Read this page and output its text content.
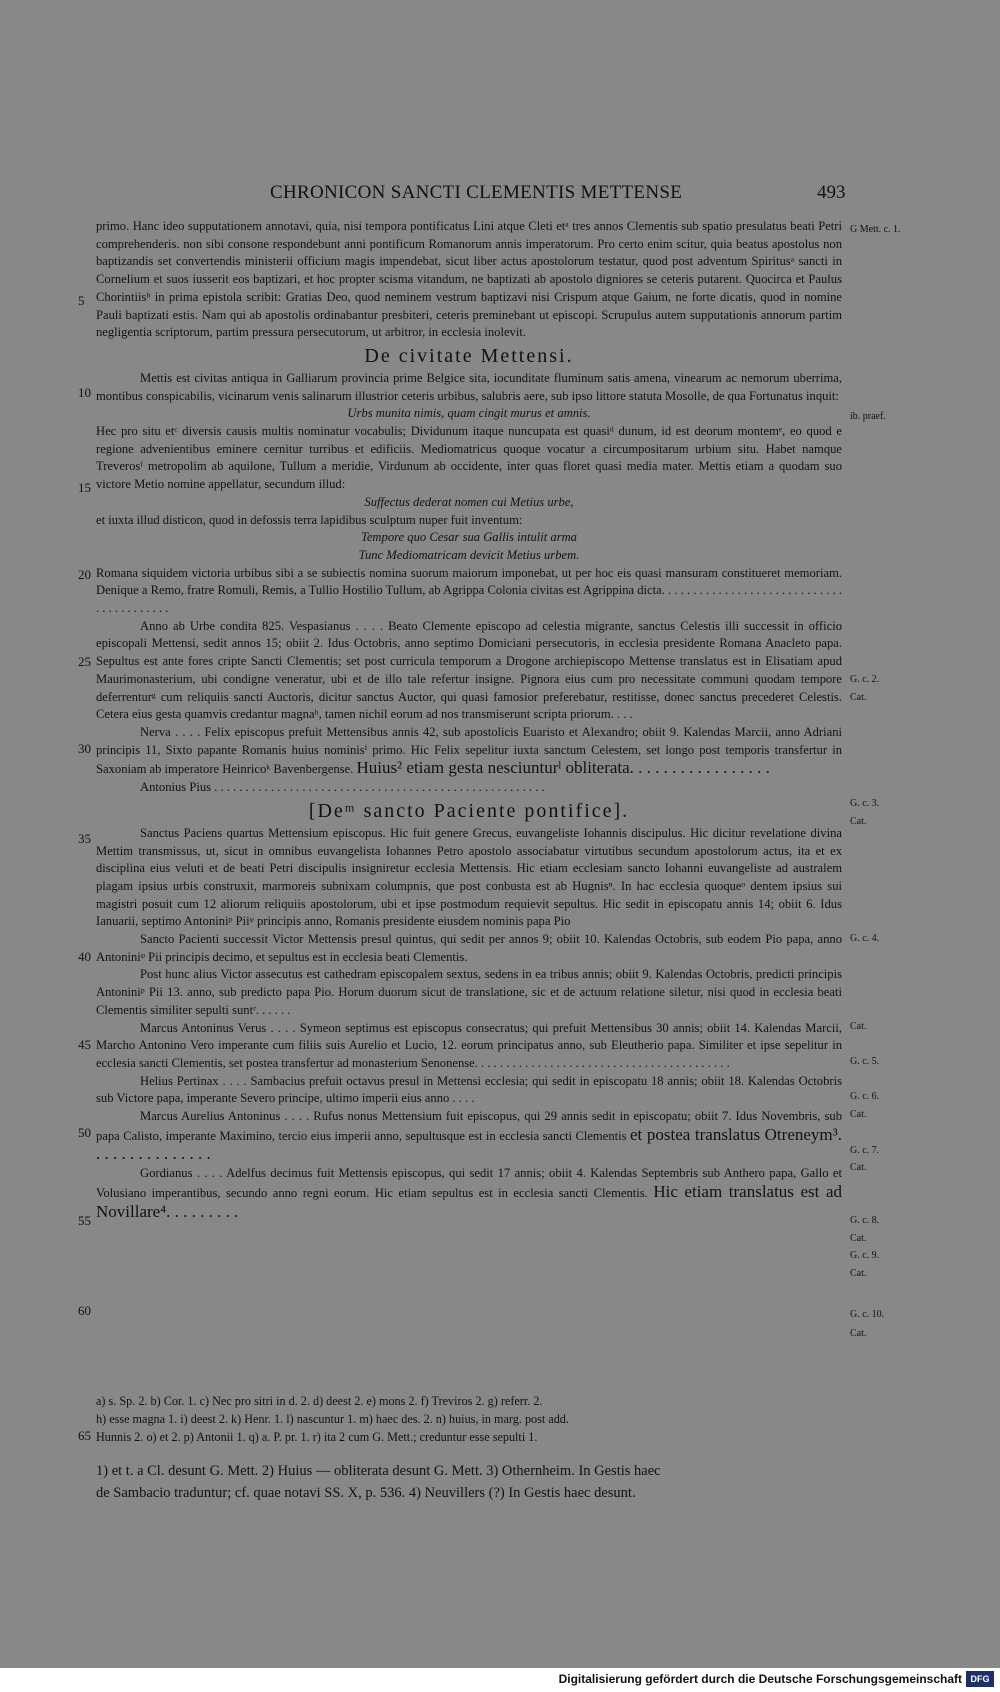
CHRONICON SANCTI CLEMENTIS METTENSE	493

primo. Hanc ideo supputationem annotavi, quia, nisi tempora pontificatus Lini atque Cleti etᵃ tres annos Clementis sub spatio presulatus beati Petri comprehenderis. non sibi consone respondebunt anni pontificum Romanorum annis imperatorum. Pro certo enim scitur, quia beatus apostolus non baptizandis set convertendis ministerii officium magis impendebat, sicut liber actus apostolorum testatur, quod post adventum Spiritusᵃ sancti in Cornelium et suos iusserit eos baptizari, et hoc propter scisma vitandum, ne baptizati ab apostolo digniores se ceteris putarent. Quocirca et Paulus Chorintiisᵇ in prima epistola scribit: Gratias Deo, quod neminem vestrum baptizavi nisi Crispum atque Gaium, ne forte dicatis, quod in nomine Pauli baptizati estis. Nam qui ab apostolis ordinabantur presbiteri, ceteris preminebant ut episcopi. Scrupulus autem supputationis annorum partim negligentia scriptorum, partim pressura persecutorum, ut arbitror, in ecclesia inolevit.

De civitate Mettensi.

Mettis est civitas antiqua in Galliarum provincia prime Belgice sita, iocunditate fluminum satis amena, vinearum ac nemorum uberrima, montibus conspicabilis, vicinarum venis salinarum illustrior ceteris urbibus, salubris aere, sub ipso littore statuta Mosolle, de qua Fortunatus inquit:

Urbs munita nimis, quam cingit murus et amnis.

Hec pro situ etᶜ diversis causis multis nominatur vocabulis; Dividunum itaque nuncupata est quasiᵈ dunum, id est deorum montemᵉ, eo quod e regione advenientibus eminere cernitur turribus et edificiis. Mediomatricus quoque vocatur a circumpositarum urbium situ. Habet namque Treverosᶠ metropolim ab aquilone, Tullum a meridie, Virdunum ab occidente, inter quas floret quasi media mater. Mettis etiam a quodam suo victore Metio nomine appellatur, secundum illud:

Suffectus dederat nomen cui Metius urbe,

et iuxta illud disticon, quod in defossis terra lapidibus sculptum nuper fuit inventum:

Tempore quo Cesar sua Gallis intulit arma

Tunc Mediomatricam devicit Metius urbem.

Romana siquidem victoria urbibus sibi a se subiectis nomina suorum maiorum imponebat, ut per hoc eis quasi mansuram constitueret memoriam. Denique a Remo, fratre Romuli, Remis, a Tullio Hostilio Tullum, ab Agrippa Colonia civitas est Agrippina dicta. . . . . . . . . . . . . . . . . . . . . . . . . . . . . . . . . . . . . . . . .

Anno ab Urbe condita 825. Vespasianus . . . . Beato Clemente episcopo ad celestia migrante, sanctus Celestis illi successit in officio episcopali Mettensi, sedit annos 15; obiit 2. Idus Octobris, anno septimo Domiciani persecutoris, in ecclesia presidente Romana Anacleto papa. Sepultus est ante fores cripte Sancti Clementis; set post curricula temporum a Drogone archiepiscopo Mettense translatus est in Elisatiam apud Maurimonasterium, ubi condigne veneratur, ubi et de illo tale refertur insigne. Pignora eius cum pro necessitate communi quodam tempore deferrenturᵍ cum reliquiis sancti Auctoris, dicitur sanctus Auctor, qui quasi famosior preferebatur, restitisse, donec sanctus precederet Celestis. Cetera eius gesta quamvis credantur magnaʰ, tamen nichil eorum ad nos transmiserunt scripta priorum. . . .

Nerva . . . . Felix episcopus prefuit Mettensibus annis 42, sub apostolicis Euaristo et Alexandro; obiit 9. Kalendas Marcii, anno Adriani principis 11, Sixto papante Romanis huius nominisⁱ primo. Hic Felix sepelitur iuxta sanctum Celestem, set longo post temporis transfertur in Saxoniam ab imperatore Heinricoᵏ Bavenbergense. Huius² etiam gesta nesciunturˡ obliterata. . . . . . . . . . . . . . . . .

Antonius Pius . . . . . . . . . . . . . . . . . . . . . . . . . . . . . . . . . . . . . . . . . . . . . . . . . . . . .

[Deᵐ sancto Paciente pontifice].

Sanctus Paciens quartus Mettensium episcopus. Hic fuit genere Grecus, euvangeliste Iohannis discipulus. Hic dicitur revelatione divina Mettim transmissus, ut, sicut in omnibus euvangelista Iohannes Petro apostolo associabatur virtutibus secundum apostolorum actus, ita et ex disciplina eius veluti et de beati Petri discipulis insigniretur ecclesia Mettensis. Hic etiam ecclesiam sancto Iohanni euvangeliste ad australem plagam ipsius urbis construxit, marmoreis subnixam columpnis, que post conbusta est ab Hugnisⁿ. In hac ecclesia quoqueᵒ dentem ipsius sui magistri posuit cum 12 aliorum reliquiis apostolorum, ubi et ipse postmodum requievit sepultus. Hic sedit in episcopatu annis 14; obiit 6. Idus Ianuarii, septimo Antoniniᵖ Piiᵠ principis anno, Romanis presidente eiusdem nominis papa Pio

Sancto Pacienti successit Victor Mettensis presul quintus, qui sedit per annos 9; obiit 10. Kalendas Octobris, sub eodem Pio papa, anno Antoniniᵠ Pii principis decimo, et sepultus est in ecclesia beati Clementis.

Post hunc alius Victor assecutus est cathedram episcopalem sextus, sedens in ea tribus annis; obiit 9. Kalendas Octobris, predicti principis Antoniniᵖ Pii 13. anno, sub predicto papa Pio. Horum duorum sicut de translatione, sic et de actuum relatione siletur, nisi quod in ecclesia beati Clementis similiter sepulti suntʳ. . . . . .

Marcus Antoninus Verus . . . . Symeon septimus est episcopus consecratus; qui prefuit Mettensibus 30 annis; obiit 14. Kalendas Marcii, Marcho Antonino Vero imperante cum filiis suis Aurelio et Lucio, 12. eorum principatus anno, sub Eleutherio papa. Similiter et ipse sepelitur in ecclesia sancti Clementis, set postea transfertur ad monasterium Senonense. . . . . . . . . . . . . . . . . . . . . . . . . . . . . . . . . . . . . . . . .

Helius Pertinax . . . . Sambacius prefuit octavus presul in Mettensi ecclesia; qui sedit in episcopatu 18 annis; obiit 18. Kalendas Octobris sub Victore papa, imperante Severo principe, ultimo imperii eius anno . . . .

Marcus Aurelius Antoninus . . . . Rufus nonus Mettensium fuit episcopus, qui 29 annis sedit in episcopatu; obiit 7. Idus Novembris, sub papa Calisto, imperante Maximino, tercio eius imperii anno, sepultusque est in ecclesia sancti Clementis et postea translatus Otreneym³. . . . . . . . . . . . . . .

Gordianus . . . . Adelfus decimus fuit Mettensis episcopus, qui sedit 17 annis; obiit 4. Kalendas Septembris sub Anthero papa, Gallo et Volusiano imperantibus, secundo anno regni eorum. Hic etiam sepultus est in ecclesia sancti Clementis. Hic etiam translatus est ad Novillare⁴. . . . . . . . .

5
10
15
20
25
30
35
40
45
50
55
60
65
G Mett. c. 1.
ib. praef.
G. c. 2.
Cat.
G. c. 3.
Cat.
G. c. 4.
Cat.
G. c. 5.
G. c. 6.
Cat.
G. c. 7.
Cat.
G. c. 8.
Cat.
G. c. 9.
Cat.
G. c. 10.
Cat.
a) s. Sp. 2. b) Cor. 1. c) Nec pro sitri in d. 2. d) deest 2. e) mons 2. f) Treviros 2. g) referr. 2.
h) esse magna 1. i) deest 2. k) Henr. 1. l) nascuntur 1. m) haec des. 2. n) huius, in marg. post add.
Hunnis 2. o) et 2. p) Antonii 1. q) a. P. pr. 1. r) ita 2 cum G. Mett.; creduntur esse sepulti 1.
1) et t. a Cl. desunt G. Mett. 2) Huius — obliterata desunt G. Mett. 3) Othernheim. In Gestis haec
de Sambacio traduntur; cf. quae notavi SS. X, p. 536. 4) Neuvillers (?) In Gestis haec desunt.
Digitalisierung gefördert durch die Deutsche Forschungsgemeinschaft DFG
